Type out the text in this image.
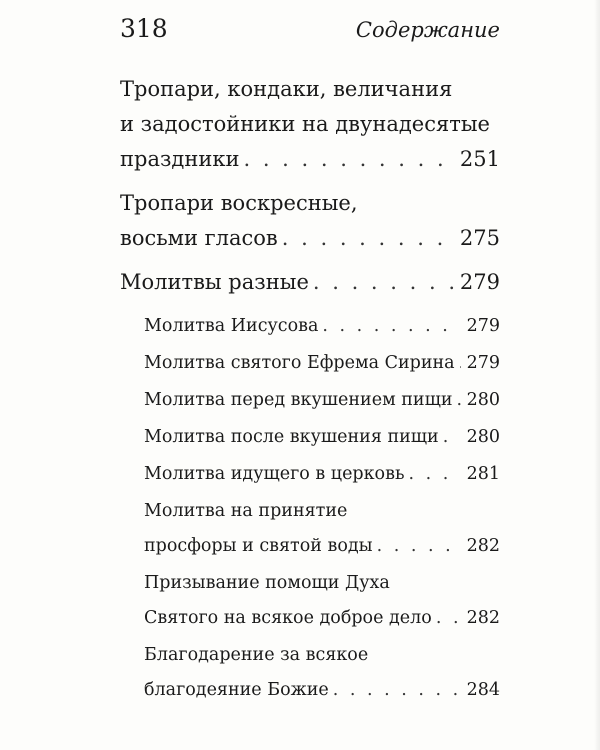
318	Содержание
Тропари, кондаки, величания
и задостойники на двунадесятые
праздники . . .	251
Тропари воскресные,
восьми гласов . . .	275
Молитвы разные . . .	279
Молитва Иисусова . . .	279
Молитва святого Ефрема Сирина . . . 279
Молитва перед вкушением пищи . . . 280
Молитва после вкушения пищи . . . 280
Молитва идущего в церковь . . .	281
Молитва на принятие
просфоры и святой воды . . .	282
Призывание помощи Духа
Святого на всякое доброе дело . . . 282
Благодарение за всякое
благодеяние Божие . . .	284
